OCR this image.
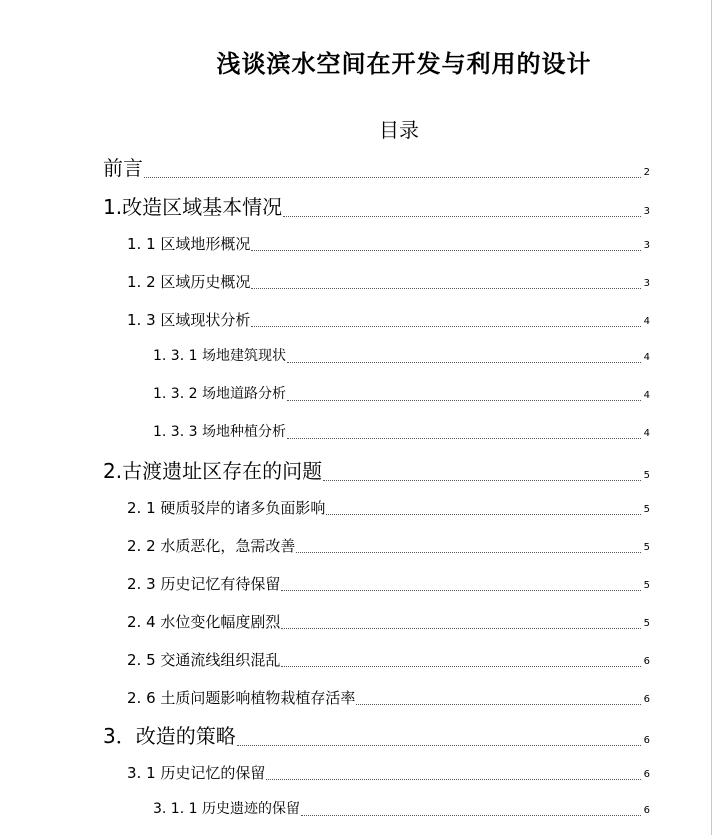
浅谈滨水空间在开发与利用的设计
目录
前言	2
1.改造区域基本情况	3
1. 1 区域地形概况	3
1. 2 区域历史概况	3
1. 3 区域现状分析	4
1. 3. 1 场地建筑现状	4
1. 3. 2 场地道路分析	4
1. 3. 3 场地种植分析	4
2.古渡遗址区存在的问题	5
2. 1 硬质驳岸的诸多负面影响	5
2. 2 水质恶化，急需改善	5
2. 3 历史记忆有待保留	5
2. 4 水位变化幅度剧烈	5
2. 5 交通流线组织混乱	6
2. 6 土质问题影响植物栽植存活率	6
3．改造的策略	6
3. 1 历史记忆的保留	6
3. 1. 1 历史遗迹的保留	6
